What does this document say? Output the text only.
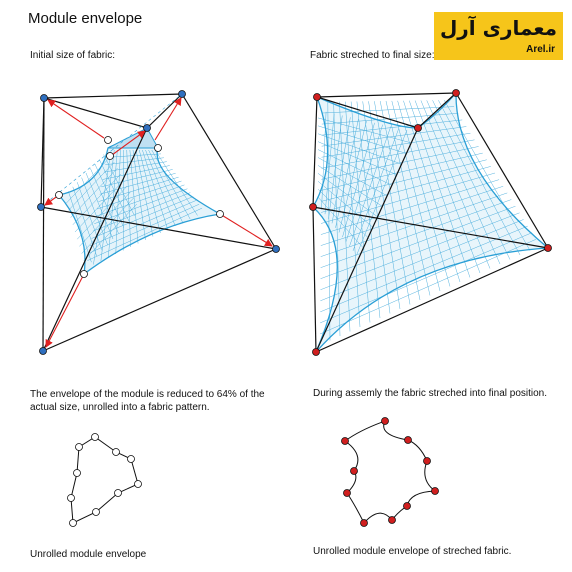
Module envelope	معماری آرل
Arel.ir
Initial size of fabric:	Fabric streched to final size:
The envelope of the module is reduced to 64% of the actual size, unrolled into a fabric pattern.
During assemly the fabric streched into final position.
Unrolled module envelope	Unrolled module envelope of streched fabric.
